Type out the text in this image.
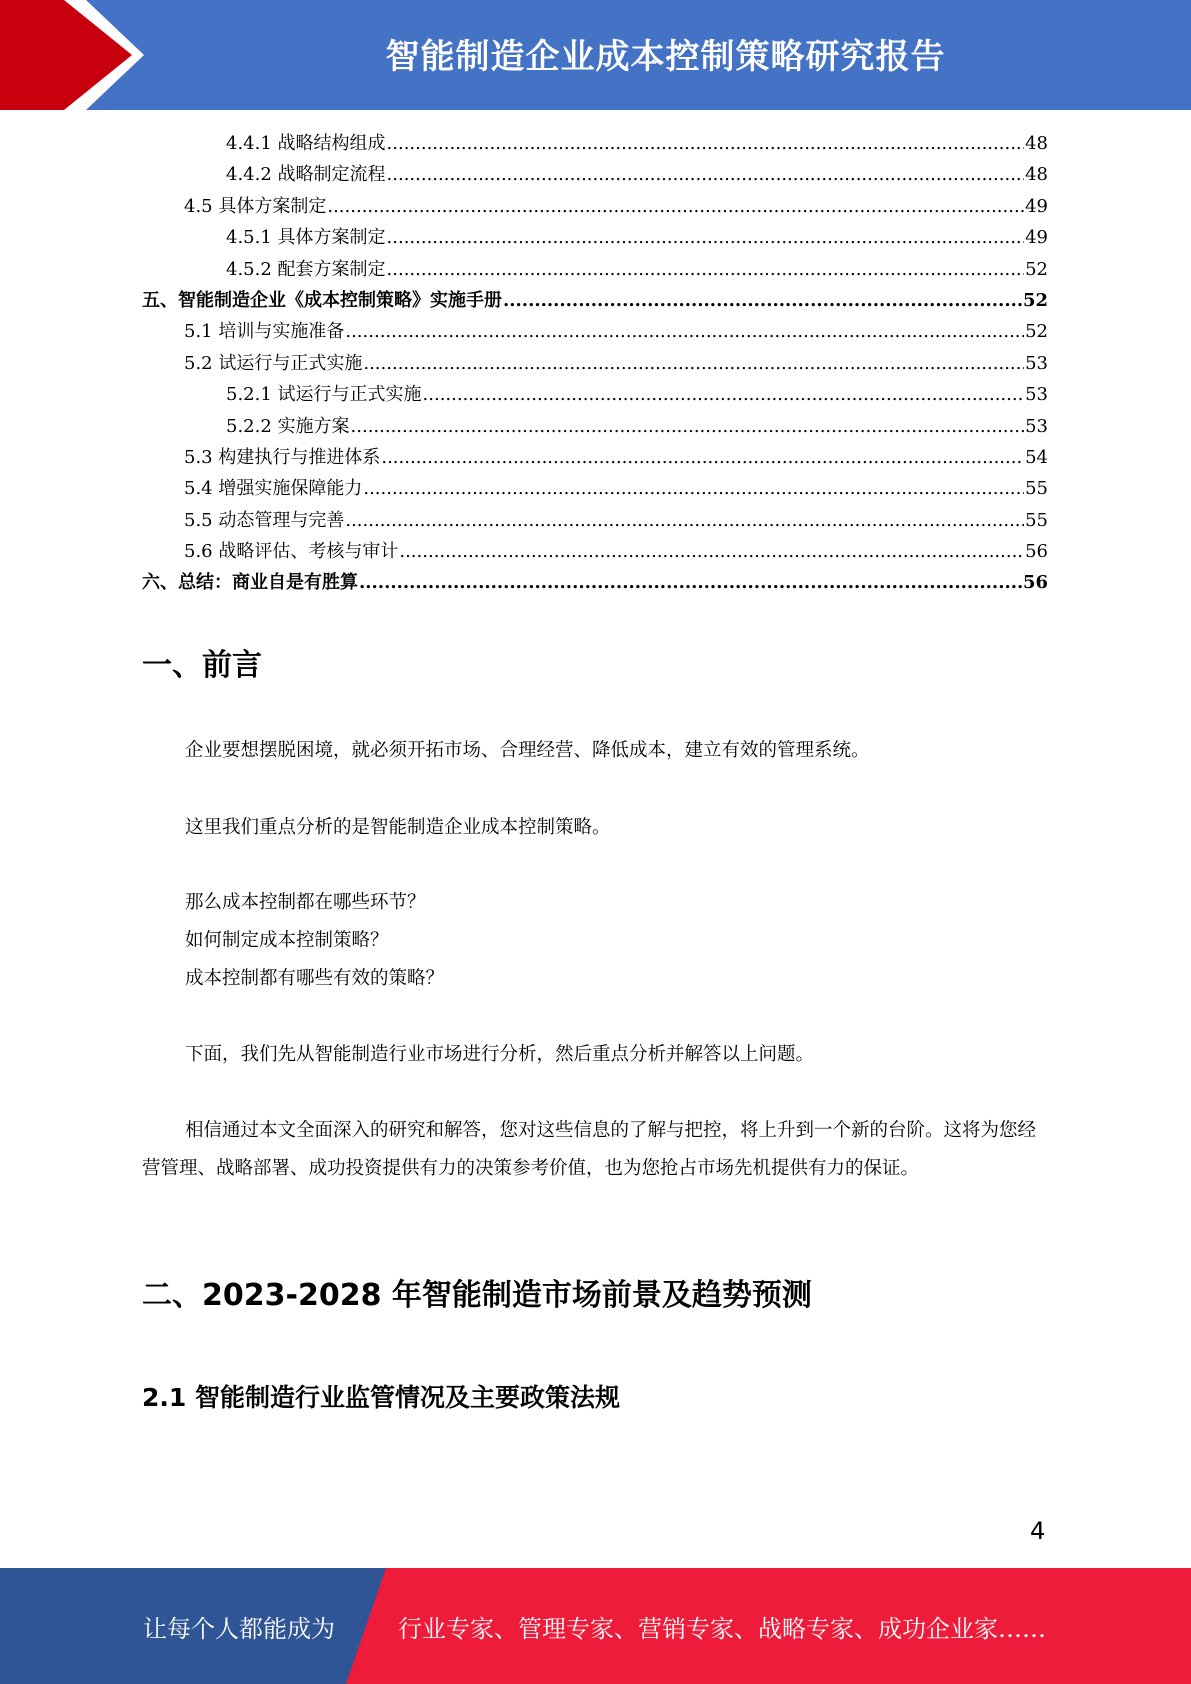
智能制造企业成本控制策略研究报告
4.4.1 战略结构组成 .....	48
4.4.2 战略制定流程 .....	48
4.5 具体方案制定 .....	49
4.5.1 具体方案制定 .....	49
4.5.2 配套方案制定 .....	52
五、智能制造企业《成本控制策略》实施手册 .....	52
5.1 培训与实施准备 .....	52
5.2 试运行与正式实施 .....	53
5.2.1 试运行与正式实施 .....	53
5.2.2 实施方案 .....	53
5.3 构建执行与推进体系 .....	54
5.4 增强实施保障能力 .....	55
5.5 动态管理与完善 .....	55
5.6 战略评估、考核与审计 .....	56
六、总结：商业自是有胜算 .....	56
一、前言

企业要想摆脱困境，就必须开拓市场、合理经营、降低成本，建立有效的管理系统。

这里我们重点分析的是智能制造企业成本控制策略。

那么成本控制都在哪些环节？

如何制定成本控制策略？

成本控制都有哪些有效的策略？

下面，我们先从智能制造行业市场进行分析，然后重点分析并解答以上问题。

相信通过本文全面深入的研究和解答，您对这些信息的了解与把控，将上升到一个新的台阶。这将为您经营管理、战略部署、成功投资提供有力的决策参考价值，也为您抢占市场先机提供有力的保证。

二、2023-2028 年智能制造市场前景及趋势预测
2.1 智能制造行业监管情况及主要政策法规
4
让每个人都能成为	行业专家、管理专家、营销专家、战略专家、成功企业家……
